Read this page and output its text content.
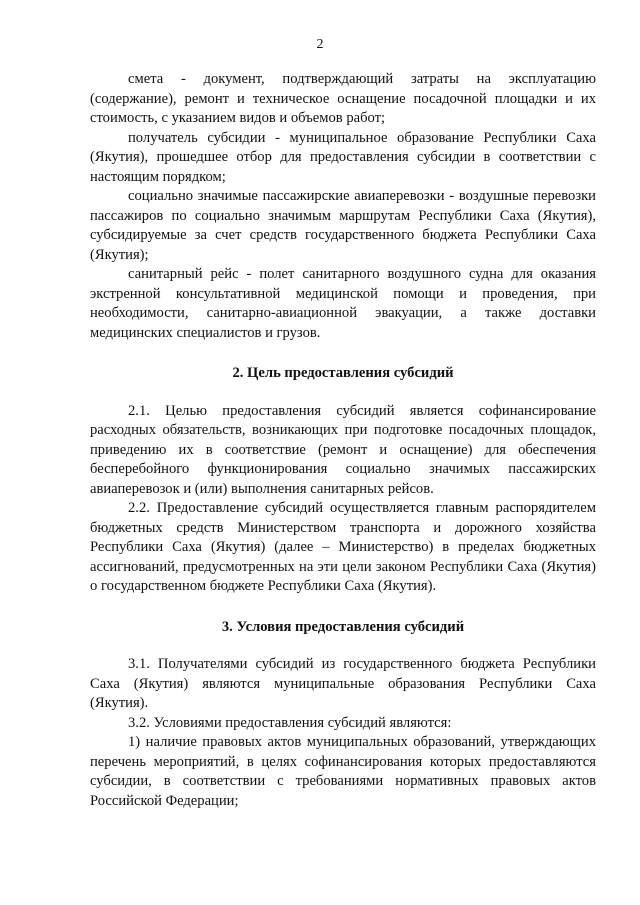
2

смета - документ, подтверждающий затраты на эксплуатацию (содержание), ремонт и техническое оснащение посадочной площадки и их стоимость, с указанием видов и объемов работ;

получатель субсидии - муниципальное образование Республики Саха (Якутия), прошедшее отбор для предоставления субсидии в соответствии с настоящим порядком;

социально значимые пассажирские авиаперевозки - воздушные перевозки пассажиров по социально значимым маршрутам Республики Саха (Якутия), субсидируемые за счет средств государственного бюджета Республики Саха (Якутия);

санитарный рейс - полет санитарного воздушного судна для оказания экстренной консультативной медицинской помощи и проведения, при необходимости, санитарно-авиационной эвакуации, а также доставки медицинских специалистов и грузов.

2. Цель предоставления субсидий

2.1. Целью предоставления субсидий является софинансирование расходных обязательств, возникающих при подготовке посадочных площадок, приведению их в соответствие (ремонт и оснащение) для обеспечения бесперебойного функционирования социально значимых пассажирских авиаперевозок и (или) выполнения санитарных рейсов.

2.2. Предоставление субсидий осуществляется главным распорядителем бюджетных средств Министерством транспорта и дорожного хозяйства Республики Саха (Якутия) (далее – Министерство) в пределах бюджетных ассигнований, предусмотренных на эти цели законом Республики Саха (Якутия) о государственном бюджете Республики Саха (Якутия).

3. Условия предоставления субсидий

3.1. Получателями субсидий из государственного бюджета Республики Саха (Якутия) являются муниципальные образования Республики Саха (Якутия).

3.2. Условиями предоставления субсидий являются:

1) наличие правовых актов муниципальных образований, утверждающих перечень мероприятий, в целях софинансирования которых предоставляются субсидии, в соответствии с требованиями нормативных правовых актов Российской Федерации;
